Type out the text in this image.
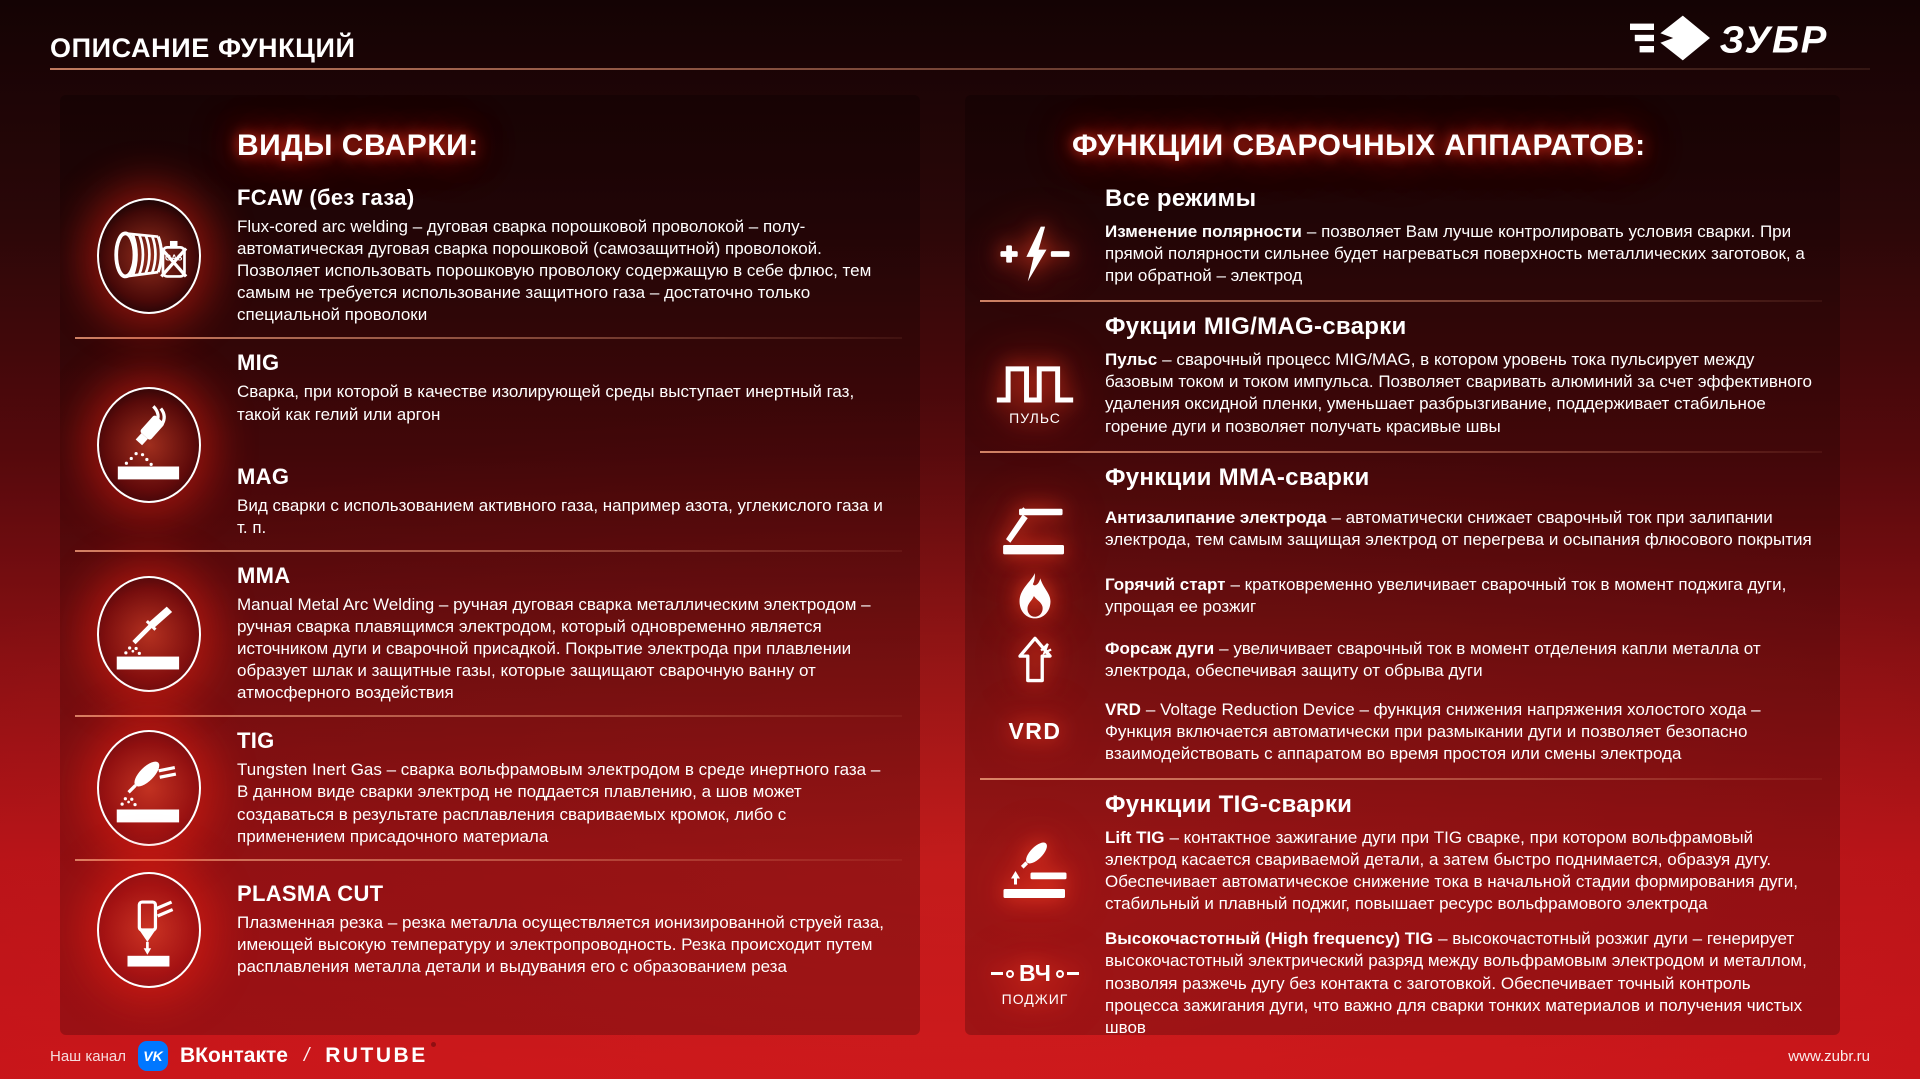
ОПИСАНИЕ ФУНКЦИЙ	ЗУБР
ВИДЫ СВАРКИ:
GAS
FCAW (без газа)

Flux-cored arc welding – дуговая сварка порошковой проволокой – полу-автоматическая дуговая сварка порошковой (самозащитной) проволокой. Позволяет использовать порошковую проволоку содержащую в себе флюс, тем самым не требуется использование защитного газа – достаточно только специальной проволоки

MIG

Сварка, при которой в качестве изолирующей среды выступает инертный газ, такой как гелий или аргон

MAG

Вид сварки с использованием активного газа, например азота, углекислого газа и т. п.

MMA

Manual Metal Arc Welding – ручная дуговая сварка металлическим электродом – ручная сварка плавящимся электродом, который одновременно является источником дуги и сварочной присадкой. Покрытие электрода при плавлении образует шлак и защитные газы, которые защищают сварочную ванну от атмосферного воздействия

TIG

Tungsten Inert Gas – сварка вольфрамовым электродом в среде инертного газа – В данном виде сварки электрод не поддается плавлению, а шов может создаваться в результате расплавления свариваемых кромок, либо с применением присадочного материала

PLASMA CUT

Плазменная резка – резка металла осуществляется ионизированной струей газа, имеющей высокую температуру и электропроводность. Резка происходит путем расплавления металла детали и выдувания его с образованием реза

ФУНКЦИИ СВАРОЧНЫХ АППАРАТОВ:
Все режимы

Изменение полярности – позволяет Вам лучше контролировать условия сварки. При прямой полярности сильнее будет нагреваться поверхность металлических заготовок, а при обратной – электрод

Фукции MIG/MAG-сварки
ПУЛЬС

Пульс – сварочный процесс MIG/MAG, в котором уровень тока пульсирует между базовым током и током импульса. Позволяет сваривать алюминий за счет эффективного удаления оксидной пленки, уменьшает разбрызгивание, поддерживает стабильное горение дуги и позволяет получать красивые швы

Функции MMA-сварки

Антизалипание электрода – автоматически снижает сварочный ток при залипании электрода, тем самым защищая электрод от перегрева и осыпания флюсового покрытия

Горячий старт – кратковременно увеличивает сварочный ток в момент поджига дуги, упрощая ее розжиг

Форсаж дуги – увеличивает сварочный ток в момент отделения капли металла от электрода, обеспечивая защиту от обрыва дуги

VRD

VRD – Voltage Reduction Device – функция снижения напряжения холостого хода – Функция включается автоматически при размыкании дуги и позволяет безопасно взаимодействовать с аппаратом во время простоя или смены электрода

Функции TIG-сварки

Lift TIG – контактное зажигание дуги при TIG сварке, при котором вольфрамовый электрод касается свариваемой детали, а затем быстро поднимается, образуя дугу. Обеспечивает автоматическое снижение тока в начальной стадии формирования дуги, стабильный и плавный поджиг, повышает ресурс вольфрамового электрода

ВЧ
ПОДЖИГ

Высокочастотный (High frequency) TIG – высокочастотный розжиг дуги – генерирует высокочастотный электрический разряд между вольфрамовым электродом и металлом, позволяя разжечь дугу без контакта с заготовкой. Обеспечивает точный контроль процесса зажигания дуги, что важно для сварки тонких материалов и получения чистых швов

Наш канал	VK ВКонтакте / RUTUBE	www.zubr.ru
